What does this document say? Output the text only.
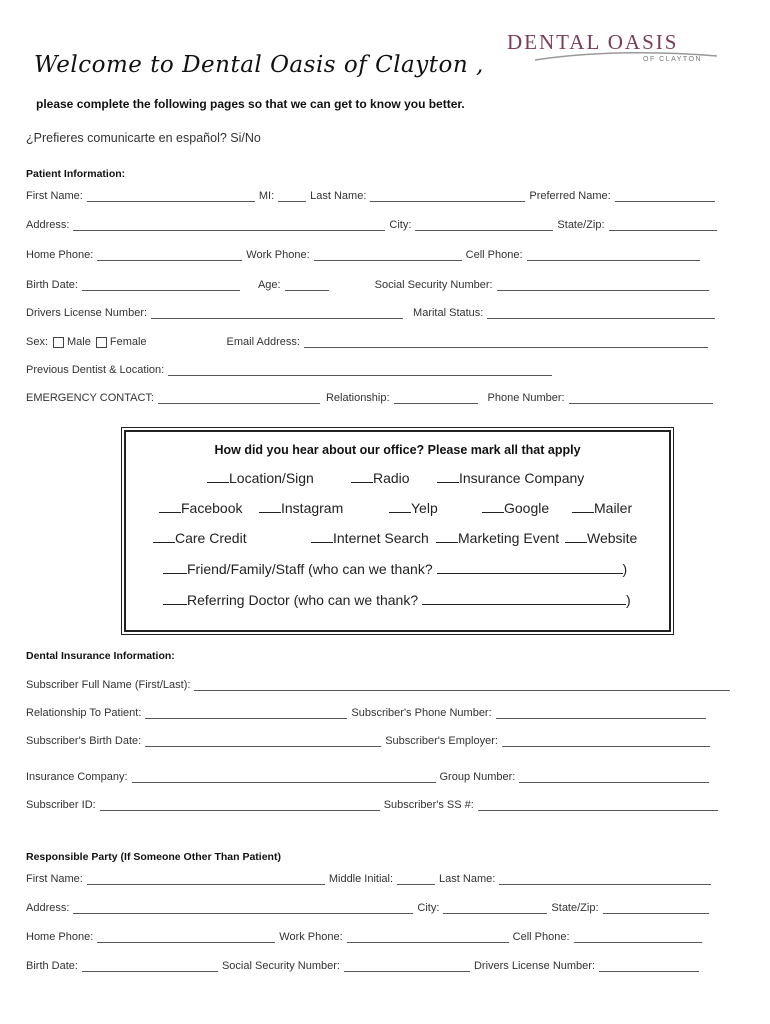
Welcome to Dental Oasis of Clayton ,
DENTAL OASIS
OF CLAYTON
please complete the following pages so that we can get to know you better.
¿Prefieres comunicarte en español? Si/No
Patient Information:
First Name:	MI:	Last Name:	Preferred Name:
Address:	City:	State/Zip:
Home Phone:	Work Phone:	Cell Phone:
Birth Date:	Age:	Social Security Number:
Drivers License Number:	Marital Status:
Sex: Male Female	Email Address:
Previous Dentist & Location:
EMERGENCY CONTACT:	Relationship:	Phone Number:
How did you hear about our office? Please mark all that apply
Location/Sign	Radio	Insurance Company
Facebook	Instagram	Yelp	Google	Mailer
Care Credit	Internet Search	Marketing Event	Website
Friend/Family/Staff (who can we thank?	)
Referring Doctor (who can we thank?	)
Dental Insurance Information:
Subscriber Full Name (First/Last):
Relationship To Patient:	Subscriber's Phone Number:
Subscriber's Birth Date:	Subscriber's Employer:
Insurance Company:	Group Number:
Subscriber ID:	Subscriber's SS #:
Responsible Party (If Someone Other Than Patient)
First Name:	Middle Initial:	Last Name:
Address:	City:	State/Zip:
Home Phone:	Work Phone:	Cell Phone:
Birth Date:	Social Security Number:	Drivers License Number:
